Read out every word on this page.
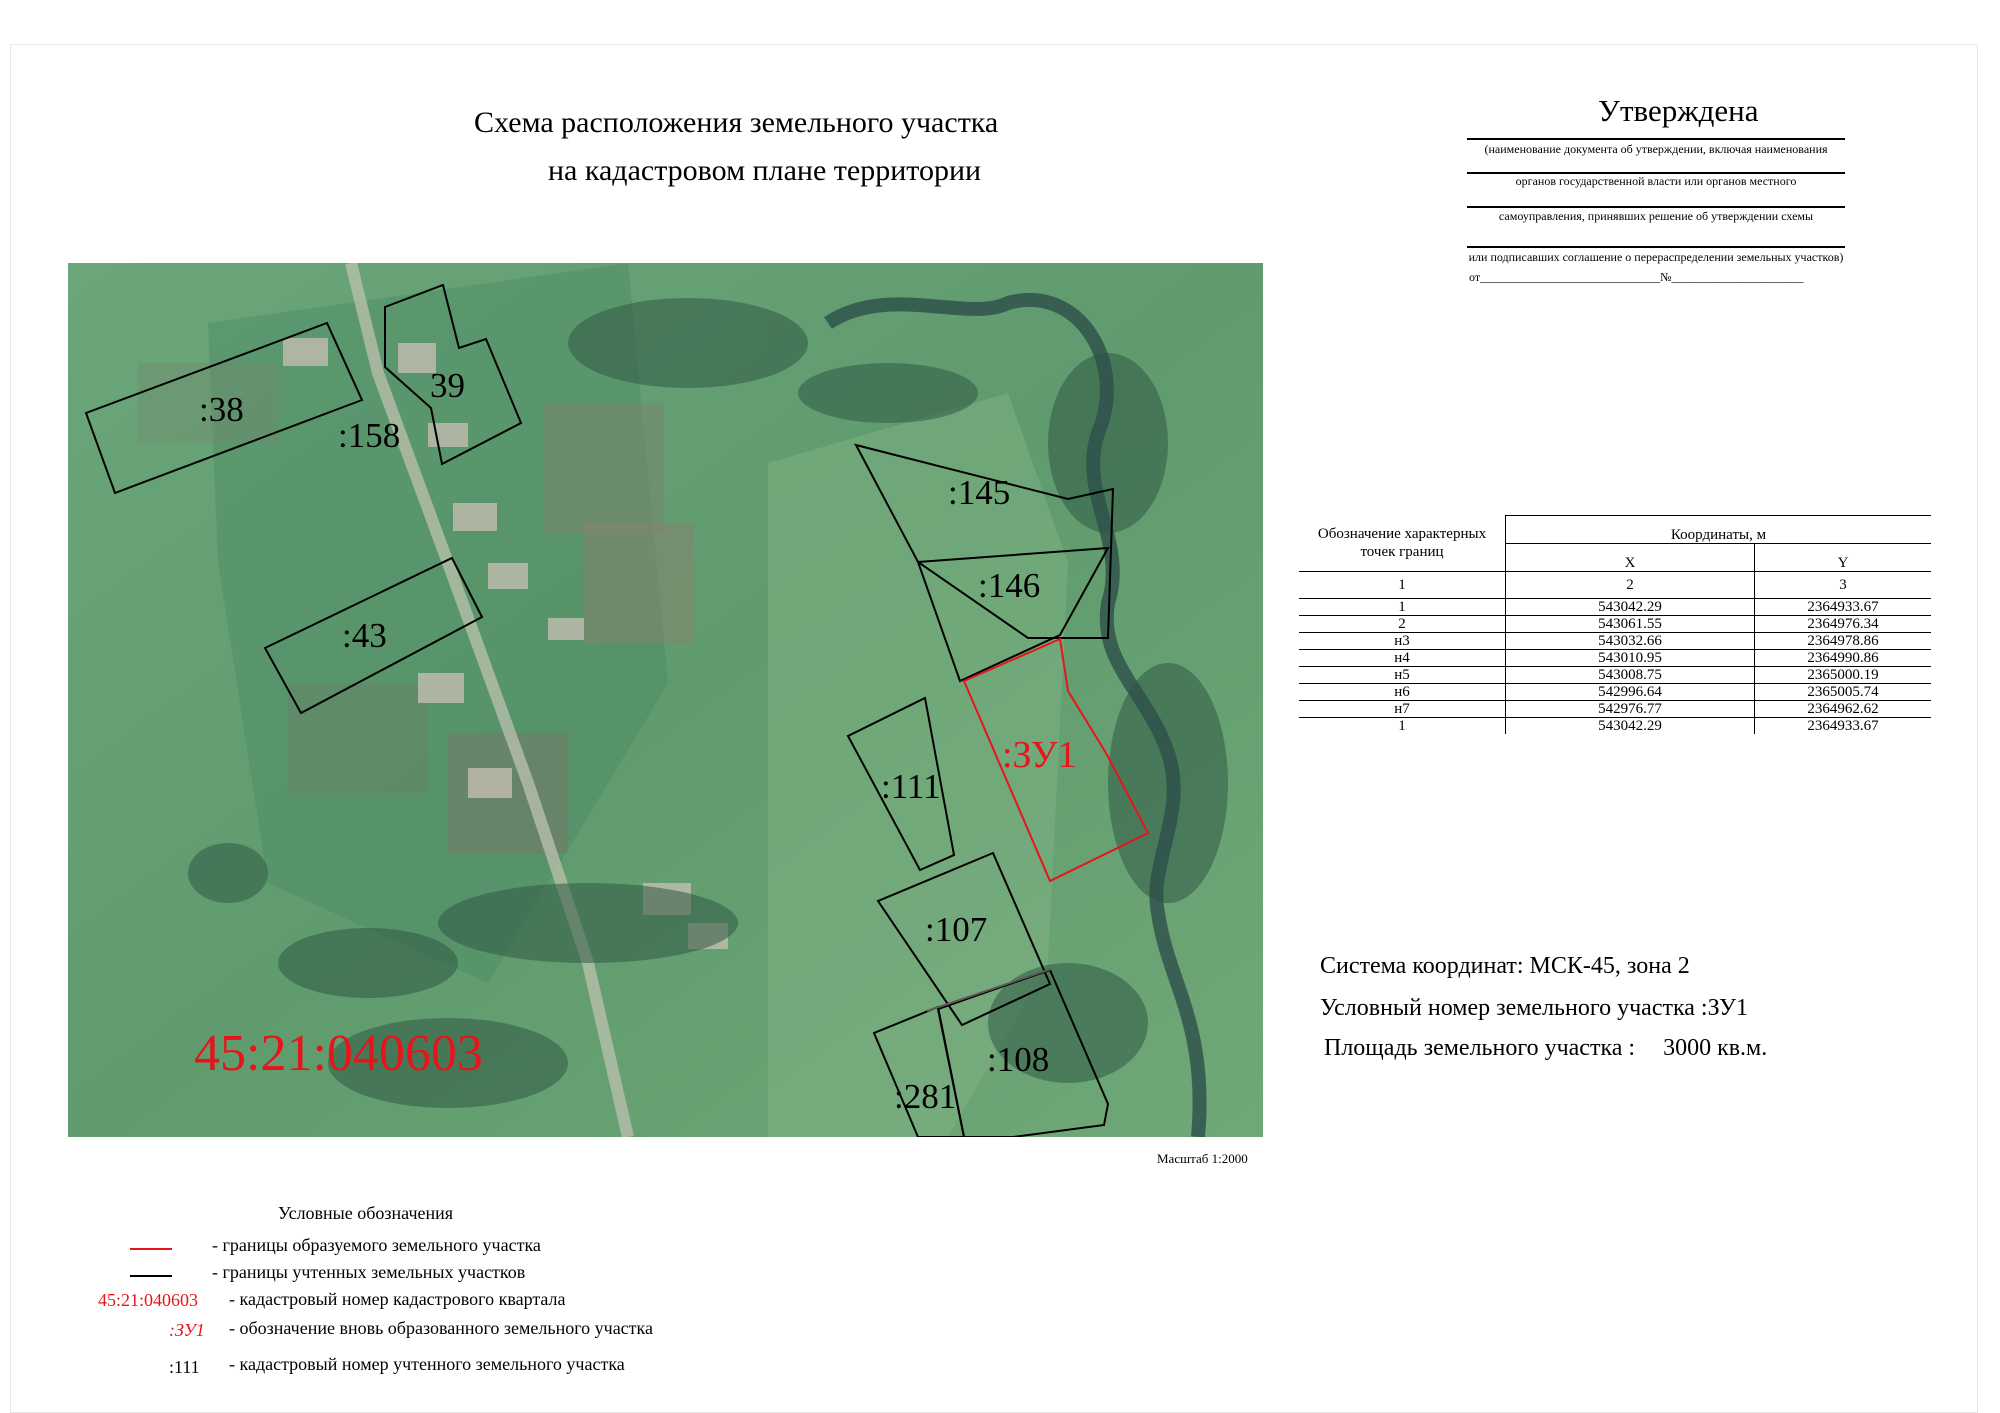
Схема расположения земельного участка
на кадастровом плане территории
Утверждена
(наименование документа об утверждении, включая наименования
органов государственной власти или органов местного
самоуправления, принявших решение об утверждении схемы
или подписавших соглашение о перераспределении земельных участков)
от______________________________№______________________
:38
39
:158
:43
:145
:146
:ЗУ1
:111
:107
:108
:281
45:21:040603
Масштаб 1:2000
Обозначение характерных точек границ	Координаты, м	
	X	Y
1	2	3
1	543042.29	2364933.67
2	543061.55	2364976.34
н3	543032.66	2364978.86
н4	543010.95	2364990.86
н5	543008.75	2365000.19
н6	542996.64	2365005.74
н7	542976.77	2364962.62
1	543042.29	2364933.67
Система координат: МСК-45, зона 2
Условный номер земельного участка :ЗУ1
Площадь земельного участка : 3000 кв.м.
Условные обозначения
- границы образуемого земельного участка
- границы учтенных земельных участков
45:21:040603 - кадастровый номер кадастрового квартала
:ЗУ1 - обозначение вновь образованного земельного участка
:111 - кадастровый номер учтенного земельного участка
